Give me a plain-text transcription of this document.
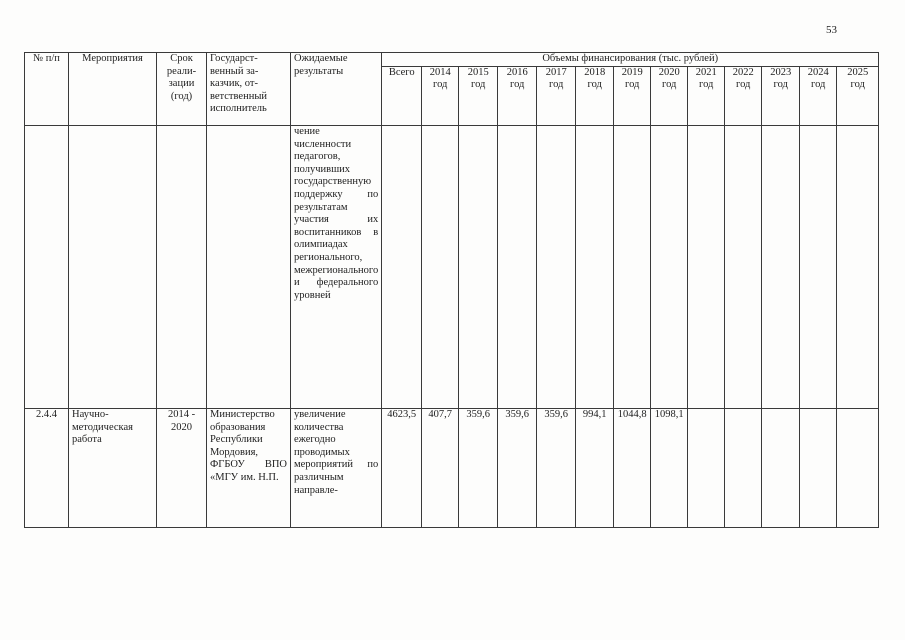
53
№ п/п	Мероприятия	Срок реали-зации (год)	Государст-венный за-казчик, от-ветственный исполнитель	Ожидаемые результаты	Объемы финансирования (тыс. рублей)												
					Всего	2014 год	2015 год	2016 год	2017 год	2018 год	2019 год	2020 год	2021 год	2022 год	2023 год	2024 год	2025 год
				чение численности педагогов, получивших государственную поддержку по результатам участия их воспитанников в олимпиадах регионального, межрегионального и федерального уровней													
2.4.4	Научно-методическая работа	2014 - 2020	Министерство образования Республики Мордовия, ФГБОУ ВПО «МГУ им. Н.П.	увеличение количества ежегодно проводимых мероприятий по различным направле-	4623,5	407,7	359,6	359,6	359,6	994,1	1044,8	1098,1					
